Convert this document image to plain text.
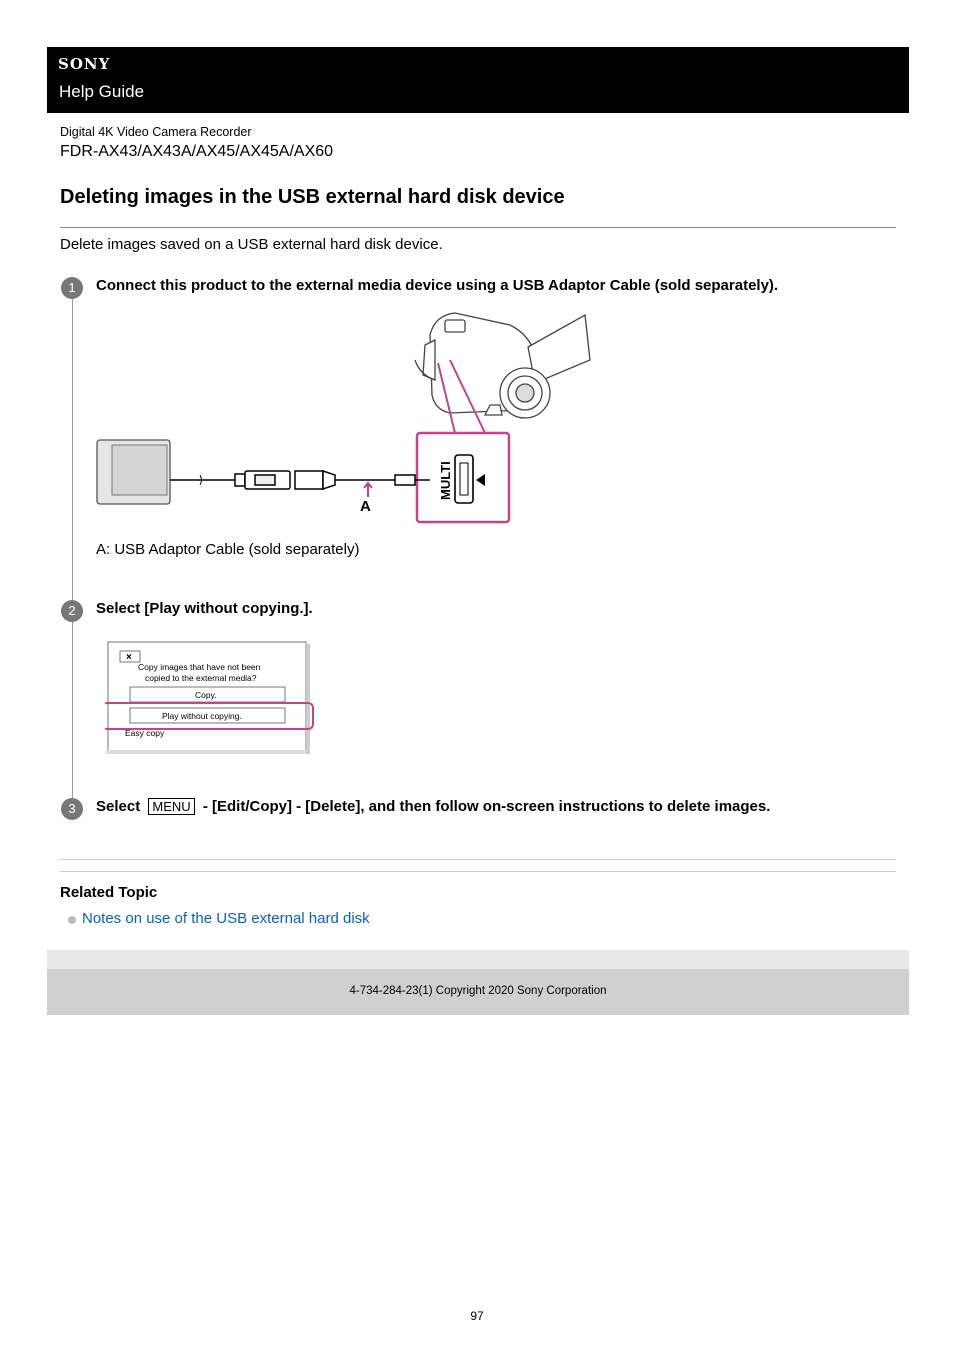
SONY
Help Guide
Digital 4K Video Camera Recorder
FDR-AX43/AX43A/AX45/AX45A/AX60
Deleting images in the USB external hard disk device
Delete images saved on a USB external hard disk device.
1	Connect this product to the external media device using a USB Adaptor Cable (sold separately).
MULTI
A
A: USB Adaptor Cable (sold separately)
2	Select [Play without copying.].
×
Copy images that have not been
copied to the external media?
Copy.
Play without copying.
Easy copy
3	Select MENU - [Edit/Copy] - [Delete], and then follow on-screen instructions to delete images.
Related Topic
Notes on use of the USB external hard disk
4-734-284-23(1) Copyright 2020 Sony Corporation
97
